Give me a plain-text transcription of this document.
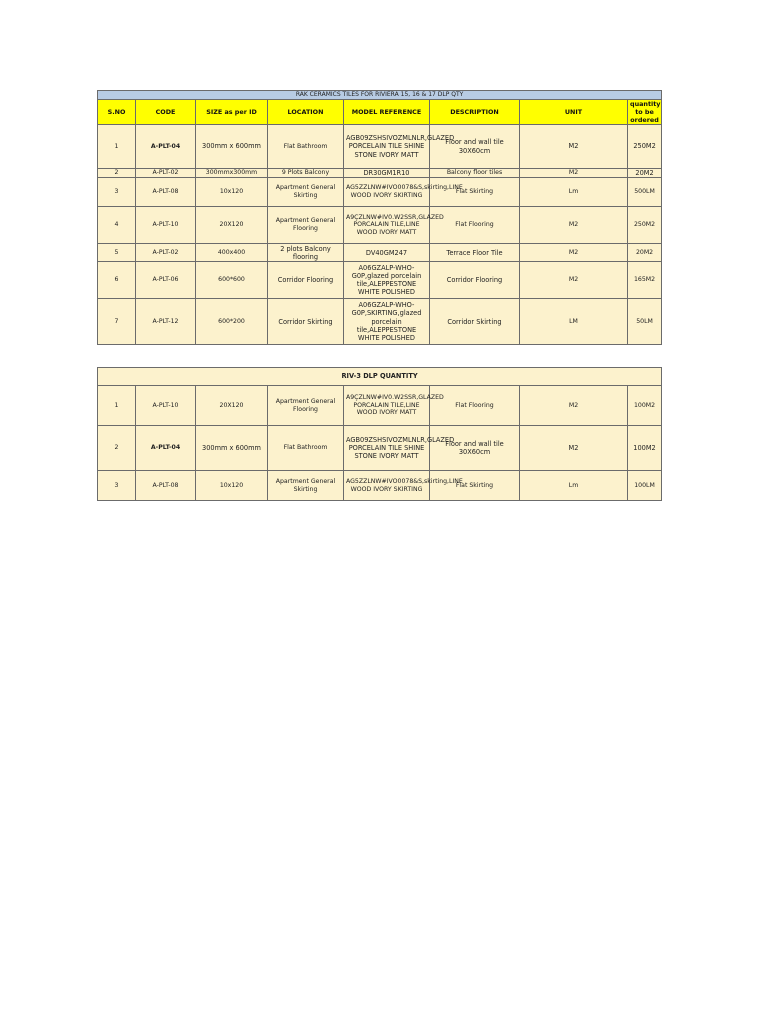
RAK CERAMICS TILES FOR RIVIERA 15, 16 & 17 DLP QTY							
S.NO	CODE	SIZE as per ID	LOCATION	MODEL REFERENCE	DESCRIPTION	UNIT	quantity to be ordered
1	A-PLT-04	300mm x 600mm	Flat Bathroom	AGB09ZSHSIVOZMLNLR,GLAZED PORCELAIN TILE SHINE STONE IVORY MATT	Floor and wall tile 30X60cm	M2	250M2
2	A-PLT-02	300mmx300mm	9 Plots Balcony	DR30GM1R10	Balcony floor tiles	M2	20M2
3	A-PLT-08	10x120	Apartment General Skirting	AG5ZZLNW#IVO0078&S,skirting,LINE WOOD IVORY SKIRTING	Flat Skirting	Lm	500LM
4	A-PLT-10	20X120	Apartment General Flooring	A9ÇZLNW#IV0.W2SSR,GLAZED PORCALAIN TILE,LINE WOOD IVORY MATT	Flat Flooring	M2	250M2
5	A-PLT-02	400x400	2 plots Balcony flooring	DV40GM247	Terrace Floor Tile	M2	20M2
6	A-PLT-06	600*600	Corridor Flooring	A06GZALP-WHO-G0P,glazed porcelain tile,ALEPPESTONE WHITE POLISHED	Corridor Flooring	M2	165M2
7	A-PLT-12	600*200	Corridor Skirting	A06GZALP-WHO-G0P,SKIRTING,glazed porcelain tile,ALEPPESTONE WHITE POLISHED	Corridor Skirting	LM	50LM
RIV-3 DLP QUANTITY							
1	A-PLT-10	20X120	Apartment General Flooring	A9ÇZLNW#IV0.W2SSR,GLAZED PORCALAIN TILE,LINE WOOD IVORY MATT	Flat Flooring	M2	100M2
2	A-PLT-04	300mm x 600mm	Flat Bathroom	AGB09ZSHSIVOZMLNLR,GLAZED PORCELAIN TILE SHINE STONE IVORY MATT	Floor and wall tile 30X60cm	M2	100M2
3	A-PLT-08	10x120	Apartment General Skirting	AG5ZZLNW#IVO0078&S,skirting,LINE WOOD IVORY SKIRTING	Flat Skirting	Lm	100LM
